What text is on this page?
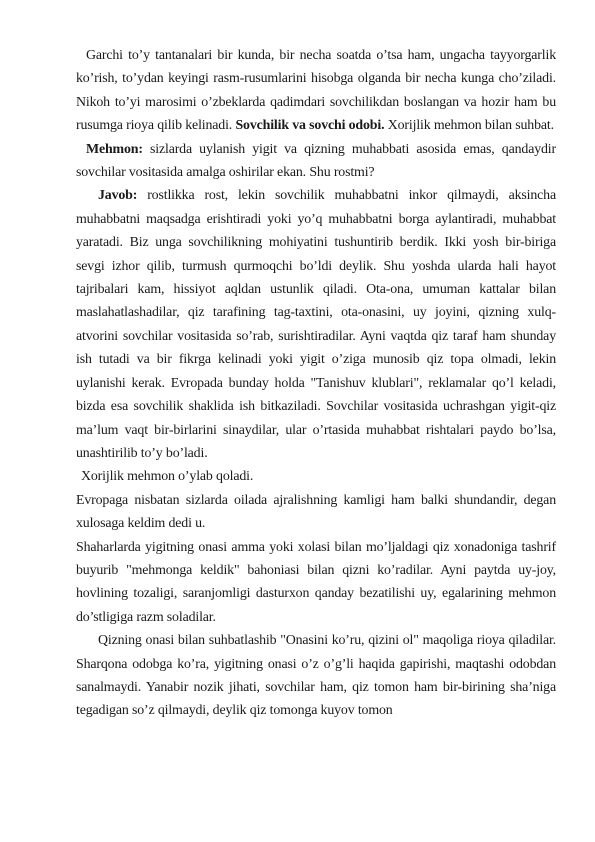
Garchi to’y tantanalari bir kunda, bir necha soatda o’tsa ham, ungacha tayyorgarlik ko’rish, to’ydan keyingi rasm-rusumlarini hisobga olganda bir necha kunga cho’ziladi. Nikoh to’yi marosimi o’zbeklarda qadimdari sovchilikdan boslangan va hozir ham bu rusumga rioya qilib kelinadi. Sovchilik va sovchi odobi. Xorijlik mehmon bilan suhbat.

Mehmon: sizlarda uylanish yigit va qizning muhabbati asosida emas, qandaydir sovchilar vositasida amalga oshirilar ekan. Shu rostmi?

Javob: rostlikka rost, lekin sovchilik muhabbatni inkor qilmaydi, aksincha muhabbatni maqsadga erishtiradi yoki yo’q muhabbatni borga aylantiradi, muhabbat yaratadi. Biz unga sovchilikning mohiyatini tushuntirib berdik. Ikki yosh bir-biriga sevgi izhor qilib, turmush qurmoqchi bo’ldi deylik. Shu yoshda ularda hali hayot tajribalari kam, hissiyot aqldan ustunlik qiladi. Ota-ona, umuman kattalar bilan maslahatlashadilar, qiz tarafining tag-taxtini, ota-onasini, uy joyini, qizning xulq-atvorini sovchilar vositasida so’rab, surishtiradilar. Ayni vaqtda qiz taraf ham shunday ish tutadi va bir fikrga kelinadi yoki yigit o’ziga munosib qiz topa olmadi, lekin uylanishi kerak. Evropada bunday holda "Tanishuv klublari", reklamalar qo’l keladi, bizda esa sovchilik shaklida ish bitkaziladi. Sovchilar vositasida uchrashgan yigit-qiz ma’lum vaqt bir-birlarini sinaydilar, ular o’rtasida muhabbat rishtalari paydo bo’lsa, unashtirilib to’y bo’ladi.

Xorijlik mehmon o’ylab qoladi.

Evropaga nisbatan sizlarda oilada ajralishning kamligi ham balki shundandir, degan xulosaga keldim dedi u.

Shaharlarda yigitning onasi amma yoki xolasi bilan mo’ljaldagi qiz xonadoniga tashrif buyurib "mehmonga keldik" bahoniasi bilan qizni ko’radilar. Ayni paytda uy-joy, hovlining tozaligi, saranjomligi dasturxon qanday bezatilishi uy, egalarining mehmon do’stligiga razm soladilar.

Qizning onasi bilan suhbatlashib "Onasini ko’ru, qizini ol" maqoliga rioya qiladilar. Sharqona odobga ko’ra, yigitning onasi o’z o’g’li haqida gapirishi, maqtashi odobdan sanalmaydi. Yanabir nozik jihati, sovchilar ham, qiz tomon ham bir-birining sha’niga tegadigan so’z qilmaydi, deylik qiz tomonga kuyov tomon
